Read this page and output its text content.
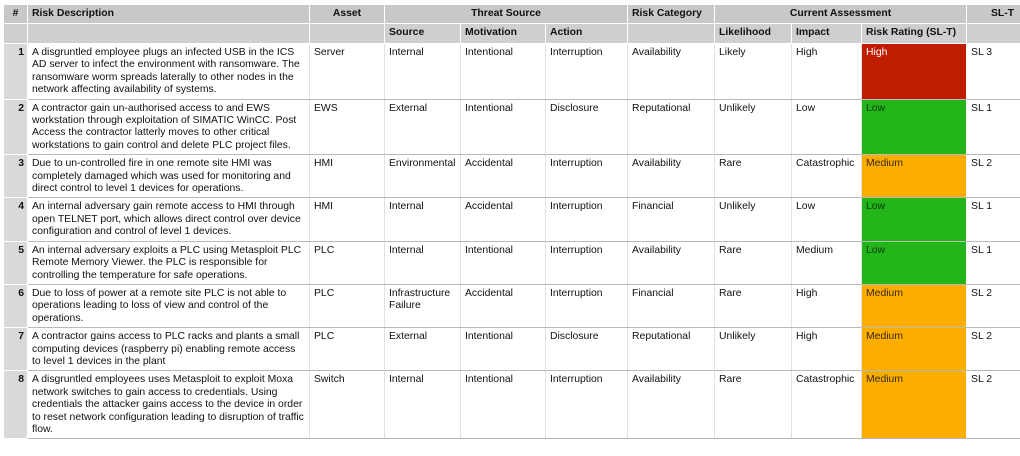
#	Risk Description	Asset	Threat Source			Risk Category	Current Assessment			SL-T
			Source	Motivation	Action		Likelihood	Impact	Risk Rating (SL-T)	
1	A disgruntled employee plugs an infected USB in the ICS AD server to infect the environment with ransomware. The ransomware worm spreads laterally to other nodes in the network affecting availability of systems.	Server	Internal	Intentional	Interruption	Availability	Likely	High	High	SL 3
2	A contractor gain un-authorised access to and EWS workstation through exploitation of SIMATIC WinCC. Post Access the contractor latterly moves to other critical workstations to gain control and delete PLC project files.	EWS	External	Intentional	Disclosure	Reputational	Unlikely	Low	Low	SL 1
3	Due to un-controlled fire in one remote site HMI was completely damaged which was used for monitoring and direct control to level 1 devices for operations.	HMI	Environmental	Accidental	Interruption	Availability	Rare	Catastrophic	Medium	SL 2
4	An internal adversary gain remote access to HMI through open TELNET port, which allows direct control over device configuration and control of level 1 devices.	HMI	Internal	Accidental	Interruption	Financial	Unlikely	Low	Low	SL 1
5	An internal adversary exploits a PLC using Metasploit PLC Remote Memory Viewer. the PLC is responsible for controlling the temperature for safe operations.	PLC	Internal	Intentional	Interruption	Availability	Rare	Medium	Low	SL 1
6	Due to loss of power at a remote site PLC is not able to operations leading to loss of view and control of the operations.	PLC	Infrastructure Failure	Accidental	Interruption	Financial	Rare	High	Medium	SL 2
7	A contractor gains access to PLC racks and plants a small computing devices (raspberry pi) enabling remote access to level 1 devices in the plant	PLC	External	Intentional	Disclosure	Reputational	Unlikely	High	Medium	SL 2
8	A disgruntled employees uses Metasploit to exploit Moxa network switches to gain access to credentials. Using credentials the attacker gains access to the device in order to reset network configuration leading to disruption of traffic flow.	Switch	Internal	Intentional	Interruption	Availability	Rare	Catastrophic	Medium	SL 2
